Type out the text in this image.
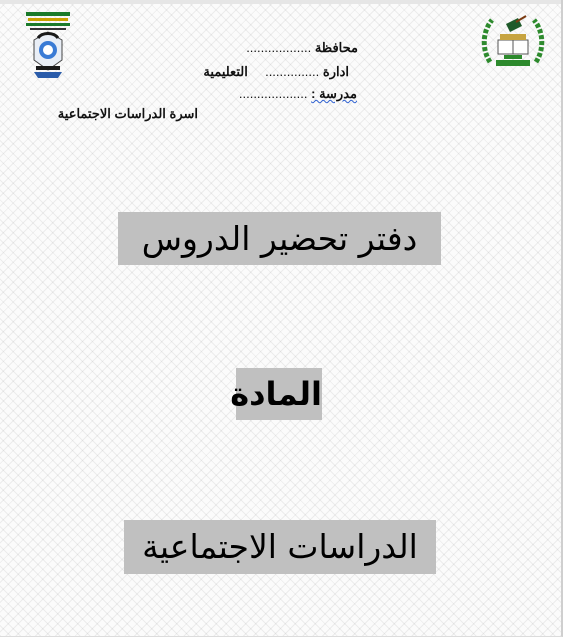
محافظة ..................
ادارة ...............  التعليمية
مدرسة : ...................
اسرة الدراسات الاجتماعية
دفتر تحضير الدروس
المادة
الدراسات الاجتماعية
